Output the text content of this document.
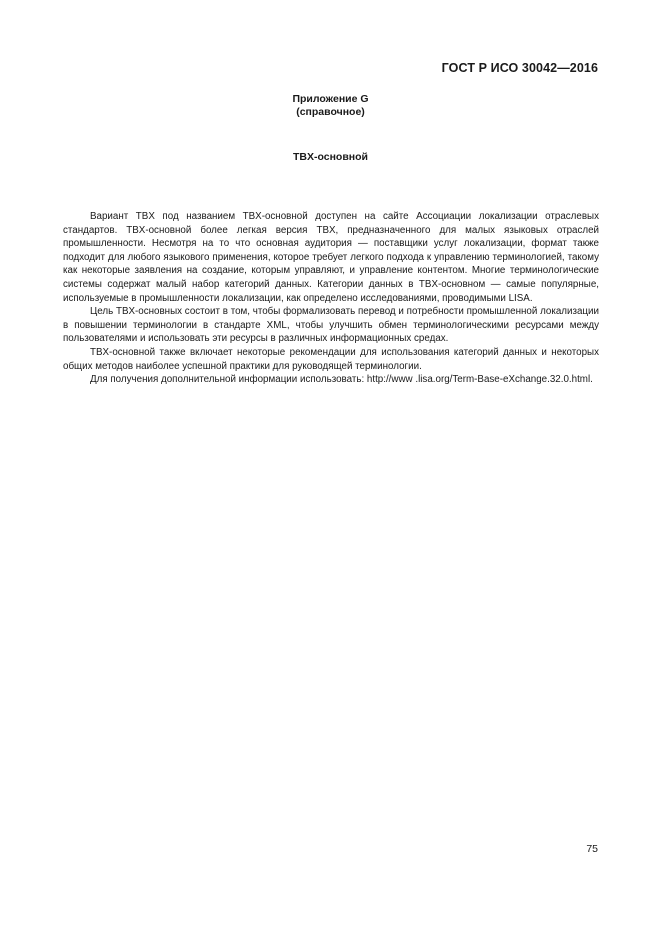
ГОСТ Р ИСО 30042—2016
Приложение G
(справочное)
TBX-основной

Вариант TBX под названием TBX-основной доступен на сайте Ассоциации локализации отраслевых стандартов. TBX-основной более легкая версия TBX, предназначенного для малых языковых отраслей промышленности. Несмотря на то что основная аудитория — поставщики услуг локализации, формат также подходит для любого языкового применения, которое требует легкого подхода к управлению терминологией, такому как некоторые заявления на создание, которым управляют, и управление контентом. Многие терминологические системы содержат малый набор категорий данных. Категории данных в TBX-основном — самые популярные, используемые в промышленности локализации, как определено исследованиями, проводимыми LISA.

Цель TBX-основных состоит в том, чтобы формализовать перевод и потребности промышленной локализации в повышении терминологии в стандарте XML, чтобы улучшить обмен терминологическими ресурсами между пользователями и использовать эти ресурсы в различных информационных средах.

TBX-основной также включает некоторые рекомендации для использования категорий данных и некоторых общих методов наиболее успешной практики для руководящей терминологии.

Для получения дополнительной информации использовать: http://www .lisa.org/Term-Base-eXchange.32.0.html.

75
